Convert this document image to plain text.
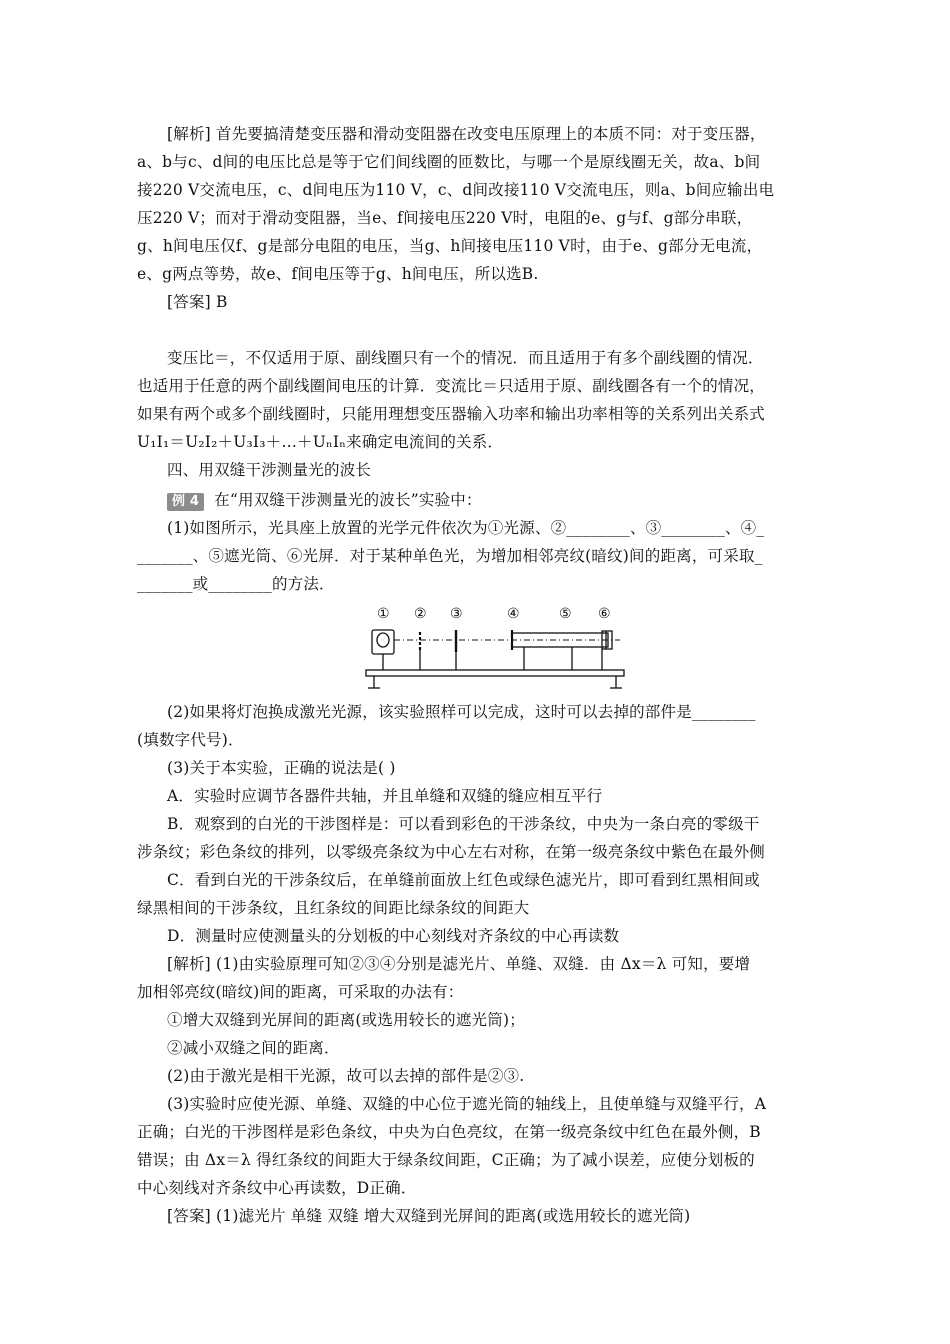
[解析] 首先要搞清楚变压器和滑动变阻器在改变电压原理上的本质不同：对于变压器，
a、b与c、d间的电压比总是等于它们间线圈的匝数比，与哪一个是原线圈无关，故a、b间
接220 V交流电压，c、d间电压为110 V，c、d间改接110 V交流电压，则a、b间应输出电
压220 V；而对于滑动变阻器，当e、f间接电压220 V时，电阻的e、g与f、g部分串联，
g、h间电压仅f、g是部分电阻的电压，当g、h间接电压110 V时，由于e、g部分无电流，
e、g两点等势，故e、f间电压等于g、h间电压，所以选B.
[答案] B
变压比＝，不仅适用于原、副线圈只有一个的情况．而且适用于有多个副线圈的情况．
也适用于任意的两个副线圈间电压的计算．变流比＝只适用于原、副线圈各有一个的情况，
如果有两个或多个副线圈时，只能用理想变压器输入功率和输出功率相等的关系列出关系式
U₁I₁＝U₂I₂＋U₃I₃＋…＋UₙIₙ来确定电流间的关系．
四、用双缝干涉测量光的波长
例 4 在“用双缝干涉测量光的波长”实验中：
(1)如图所示，光具座上放置的光学元件依次为①光源、②________、③________、④_
_______、⑤遮光筒、⑥光屏．对于某种单色光，为增加相邻亮纹(暗纹)间的距离，可采取_
_______或________的方法．
① ② ③	④	⑤ ⑥
(2)如果将灯泡换成激光光源，该实验照样可以完成，这时可以去掉的部件是________
(填数字代号)．
(3)关于本实验，正确的说法是( )
A．实验时应调节各器件共轴，并且单缝和双缝的缝应相互平行
B．观察到的白光的干涉图样是：可以看到彩色的干涉条纹，中央为一条白亮的零级干
涉条纹；彩色条纹的排列，以零级亮条纹为中心左右对称，在第一级亮条纹中紫色在最外侧
C．看到白光的干涉条纹后，在单缝前面放上红色或绿色滤光片，即可看到红黑相间或
绿黑相间的干涉条纹，且红条纹的间距比绿条纹的间距大
D．测量时应使测量头的分划板的中心刻线对齐条纹的中心再读数
[解析] (1)由实验原理可知②③④分别是滤光片、单缝、双缝．由 Δx＝λ 可知，要增
加相邻亮纹(暗纹)间的距离，可采取的办法有：
①增大双缝到光屏间的距离(或选用较长的遮光筒)；
②减小双缝之间的距离．
(2)由于激光是相干光源，故可以去掉的部件是②③.
(3)实验时应使光源、单缝、双缝的中心位于遮光筒的轴线上，且使单缝与双缝平行，A
正确；白光的干涉图样是彩色条纹，中央为白色亮纹，在第一级亮条纹中红色在最外侧，B
错误；由 Δx＝λ 得红条纹的间距大于绿条纹间距，C正确；为了减小误差，应使分划板的
中心刻线对齐条纹中心再读数，D正确．
[答案] (1)滤光片 单缝 双缝 增大双缝到光屏间的距离(或选用较长的遮光筒)
